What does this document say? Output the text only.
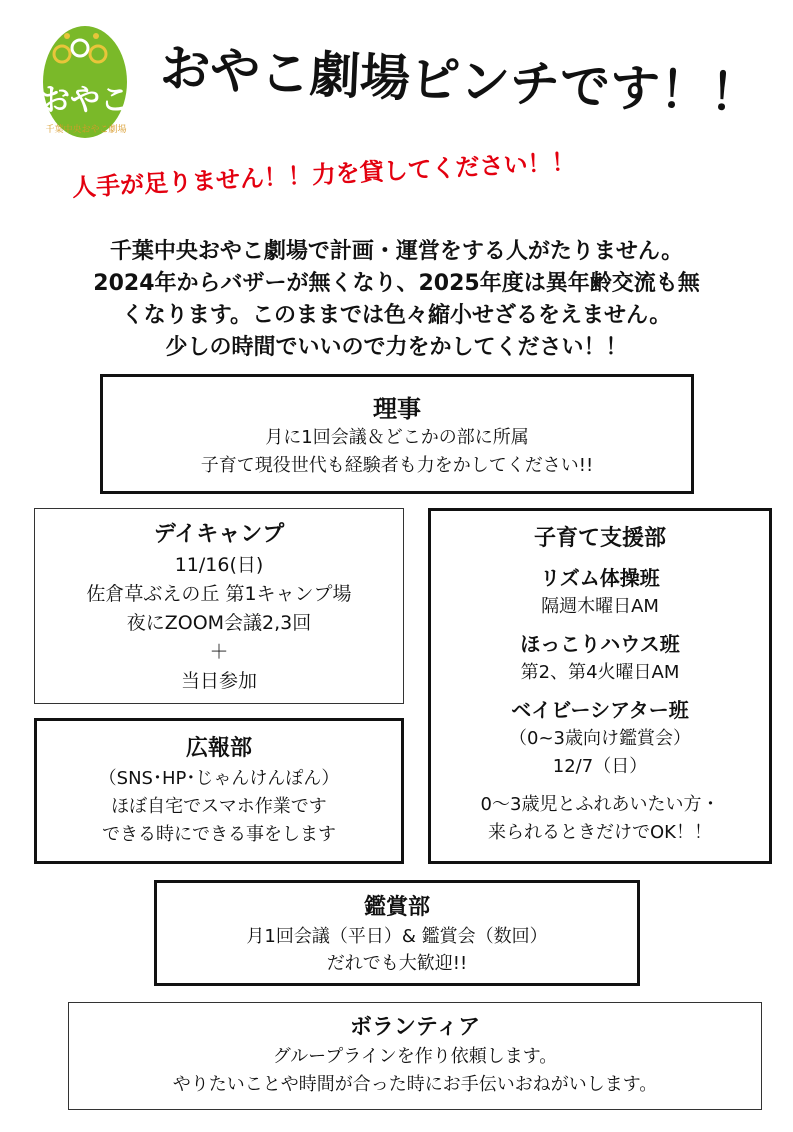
おやこ
千葉中央おやこ劇場
おやこ劇場ピンチです！！
人手が足りません！！力を貸してください！！
千葉中央おやこ劇場で計画・運営をする人がたりません。
2024年からバザーが無くなり、2025年度は異年齢交流も無
くなります。このままでは色々縮小せざるをえません。
少しの時間でいいので力をかしてください！！
理事
月に1回会議＆どこかの部に所属
子育て現役世代も経験者も力をかしてください!!
デイキャンプ
11/16(日)
佐倉草ぶえの丘 第1キャンプ場
夜にZOOM会議2,3回
＋
当日参加
子育て支援部
リズム体操班
隔週木曜日AM
ほっこりハウス班
第2、第4火曜日AM
ベイビーシアター班
（0~3歳向け鑑賞会）
12/7（日）
0～3歳児とふれあいたい方・
来られるときだけでOK！！
広報部
（SNS･HP･じゃんけんぽん）
ほぼ自宅でスマホ作業です
できる時にできる事をします
鑑賞部
月1回会議（平日）& 鑑賞会（数回）
だれでも大歓迎!!
ボランティア
グループラインを作り依頼します。
やりたいことや時間が合った時にお手伝いおねがいします。
